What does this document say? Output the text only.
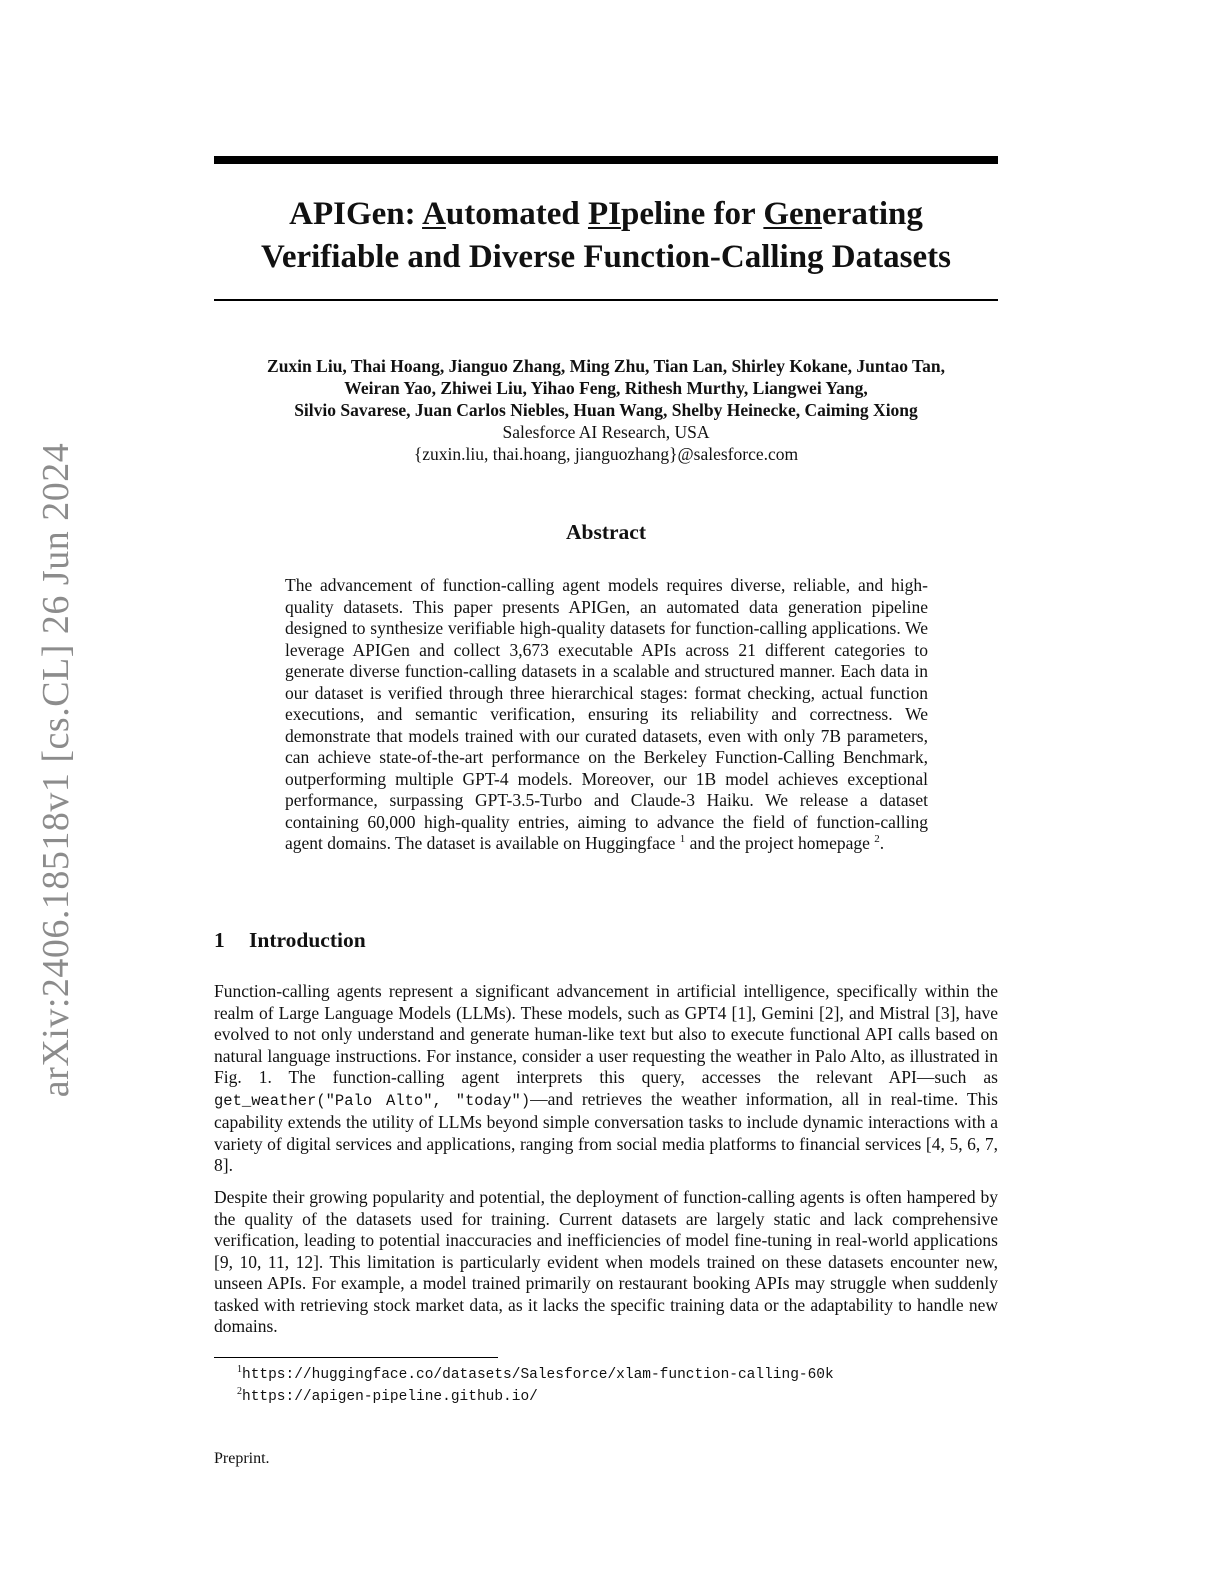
arXiv:2406.18518v1 [cs.CL] 26 Jun 2024
APIGen: Automated PIpeline for Generating
Verifiable and Diverse Function-Calling Datasets
Zuxin Liu, Thai Hoang, Jianguo Zhang, Ming Zhu, Tian Lan, Shirley Kokane, Juntao Tan,
Weiran Yao, Zhiwei Liu, Yihao Feng, Rithesh Murthy, Liangwei Yang,
Silvio Savarese, Juan Carlos Niebles, Huan Wang, Shelby Heinecke, Caiming Xiong
Salesforce AI Research, USA
{zuxin.liu, thai.hoang, jianguozhang}@salesforce.com
Abstract

The advancement of function-calling agent models requires diverse, reliable, and high-quality datasets. This paper presents APIGen, an automated data generation pipeline designed to synthesize verifiable high-quality datasets for function-calling applications. We leverage APIGen and collect 3,673 executable APIs across 21 different categories to generate diverse function-calling datasets in a scalable and structured manner. Each data in our dataset is verified through three hierarchical stages: format checking, actual function executions, and semantic verification, ensuring its reliability and correctness. We demonstrate that models trained with our curated datasets, even with only 7B parameters, can achieve state-of-the-art performance on the Berkeley Function-Calling Benchmark, outperforming multiple GPT-4 models. Moreover, our 1B model achieves exceptional performance, surpassing GPT-3.5-Turbo and Claude-3 Haiku. We release a dataset containing 60,000 high-quality entries, aiming to advance the field of function-calling agent domains. The dataset is available on Huggingface $^1$ and the project homepage $^2$.

1 Introduction

Function-calling agents represent a significant advancement in artificial intelligence, specifically within the realm of Large Language Models (LLMs). These models, such as GPT4 [1], Gemini [2], and Mistral [3], have evolved to not only understand and generate human-like text but also to execute functional API calls based on natural language instructions. For instance, consider a user requesting the weather in Palo Alto, as illustrated in Fig. 1. The function-calling agent interprets this query, accesses the relevant API—such as get_weather("Palo Alto", "today")—and retrieves the weather information, all in real-time. This capability extends the utility of LLMs beyond simple conversation tasks to include dynamic interactions with a variety of digital services and applications, ranging from social media platforms to financial services [4, 5, 6, 7, 8].

Despite their growing popularity and potential, the deployment of function-calling agents is often hampered by the quality of the datasets used for training. Current datasets are largely static and lack comprehensive verification, leading to potential inaccuracies and inefficiencies of model fine-tuning in real-world applications [9, 10, 11, 12]. This limitation is particularly evident when models trained on these datasets encounter new, unseen APIs. For example, a model trained primarily on restaurant booking APIs may struggle when suddenly tasked with retrieving stock market data, as it lacks the specific training data or the adaptability to handle new domains.

$^1$https://huggingface.co/datasets/Salesforce/xlam-function-calling-60k
$^2$https://apigen-pipeline.github.io/
Preprint.
